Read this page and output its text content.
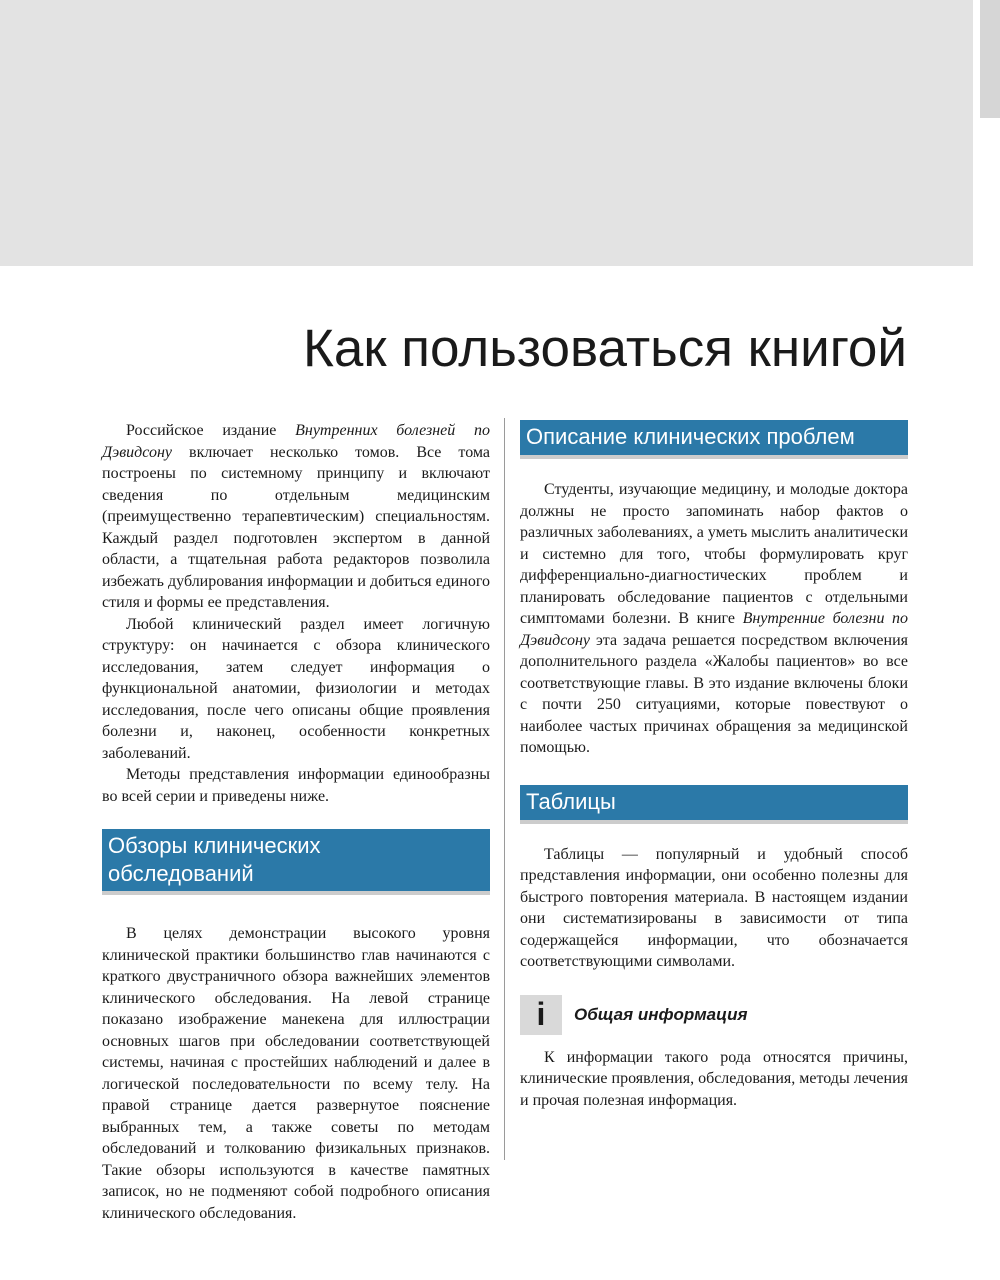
Как пользоваться книгой

Российское издание Внутренних болезней по Дэвидсону включает несколько томов. Все тома построены по системному принципу и включают сведения по отдельным медицинским (преимущественно терапевтическим) специальностям. Каждый раздел подготовлен экспертом в данной области, а тщательная работа редакторов позволила избежать дублирования информации и добиться единого стиля и формы ее представления.

Любой клинический раздел имеет логичную структуру: он начинается с обзора клинического исследования, затем следует информация о функциональной анатомии, физиологии и методах исследования, после чего описаны общие проявления болезни и, наконец, особенности конкретных заболеваний.

Методы представления информации единообразны во всей серии и приведены ниже.

Обзоры клинических
обследований

В целях демонстрации высокого уровня клинической практики большинство глав начинаются с краткого двустраничного обзора важнейших элементов клинического обследования. На левой странице показано изображение манекена для иллюстрации основных шагов при обследовании соответствующей системы, начиная с простейших наблюдений и далее в логической последовательности по всему телу. На правой странице дается развернутое пояснение выбранных тем, а также советы по методам обследований и толкованию физикальных признаков. Такие обзоры используются в качестве памятных записок, но не подменяют собой подробного описания клинического обследования.

Описание клинических проблем

Студенты, изучающие медицину, и молодые доктора должны не просто запоминать набор фактов о различных заболеваниях, а уметь мыслить аналитически и системно для того, чтобы формулировать круг дифференциально-диагностических проблем и планировать обследование пациентов с отдельными симптомами болезни. В книге Внутренние болезни по Дэвидсону эта задача решается посредством включения дополнительного раздела «Жалобы пациентов» во все соответствующие главы. В это издание включены блоки с почти 250 ситуациями, которые повествуют о наиболее частых причинах обращения за медицинской помощью.

Таблицы

Таблицы — популярный и удобный способ представления информации, они особенно полезны для быстрого повторения материала. В настоящем издании они систематизированы в зависимости от типа содержащейся информации, что обозначается соответствующими символами.

i	Общая информация

К информации такого рода относятся причины, клинические проявления, обследования, методы лечения и прочая полезная информация.
